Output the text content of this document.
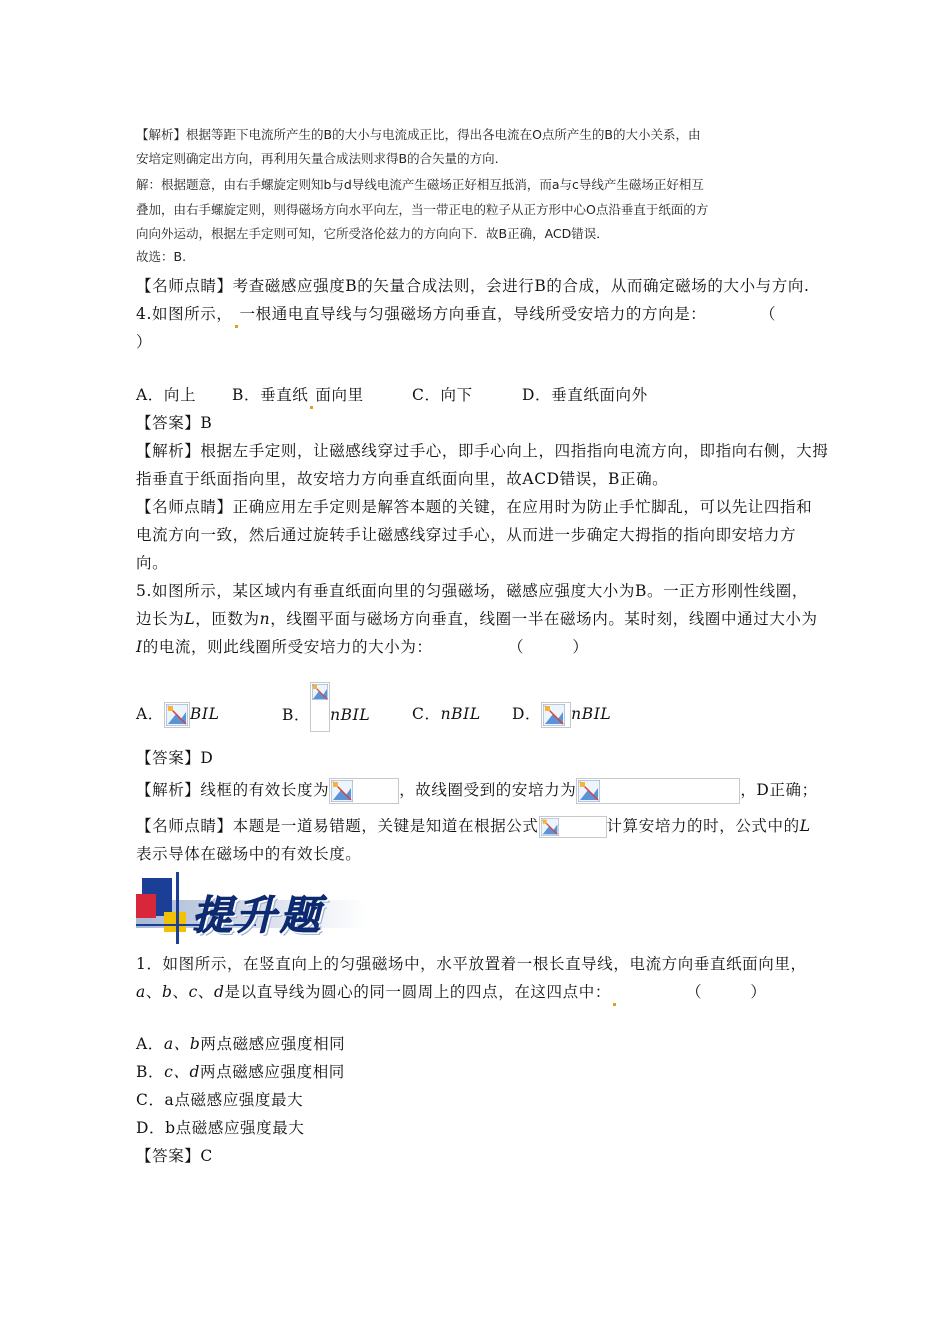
【解析】根据等距下电流所产生的B的大小与电流成正比，得出各电流在O点所产生的B的大小关系，由
安培定则确定出方向，再利用矢量合成法则求得B的合矢量的方向.
解：根据题意，由右手螺旋定则知b与d导线电流产生磁场正好相互抵消，而a与c导线产生磁场正好相互
叠加，由右手螺旋定则，则得磁场方向水平向左，当一带正电的粒子从正方形中心O点沿垂直于纸面的方
向向外运动，根据左手定则可知，它所受洛伦兹力的方向向下．故B正确，ACD错误．
故选：B.
【名师点睛】考查磁感应强度B的矢量合成法则，会进行B的合成，从而确定磁场的大小与方向.
4.如图所示， 一根通电直导线与匀强磁场方向垂直，导线所受安培力的方向是：	（
）
A．向上 B．垂直纸 面向里	C．向下	D．垂直纸面向外
【答案】B
【解析】根据左手定则，让磁感线穿过手心，即手心向上，四指指向电流方向，即指向右侧，大拇
指垂直于纸面指向里，故安培力方向垂直纸面向里，故ACD错误，B正确。
【名师点睛】正确应用左手定则是解答本题的关键，在应用时为防止手忙脚乱，可以先让四指和
电流方向一致，然后通过旋转手让磁感线穿过手心，从而进一步确定大拇指的指向即安培力方
向。
5.如图所示，某区域内有垂直纸面向里的匀强磁场，磁感应强度大小为B。一正方形刚性线圈，
边长为L，匝数为n，线圈平面与磁场方向垂直，线圈一半在磁场内。某时刻，线圈中通过大小为
I的电流，则此线圈所受安培力的大小为：	（　　　）
A． BIL	B． nBIL	C．nBIL D． nBIL
【答案】D
【解析】线框的有效长度为	，故线圈受到的安培力为	，D正确；
【名师点睛】本题是一道易错题，关键是知道在根据公式	计算安培力的时，公式中的L
表示导体在磁场中的有效长度。
提升题
1．如图所示，在竖直向上的匀强磁场中，水平放置着一根长直导线，电流方向垂直纸面向里，
a、b、c、d是以直导线为圆心的同一圆周上的四点，在这四点中：	（　　　）
A．a、b两点磁感应强度相同
B．c、d两点磁感应强度相同
C．a点磁感应强度最大
D．b点磁感应强度最大
【答案】C
